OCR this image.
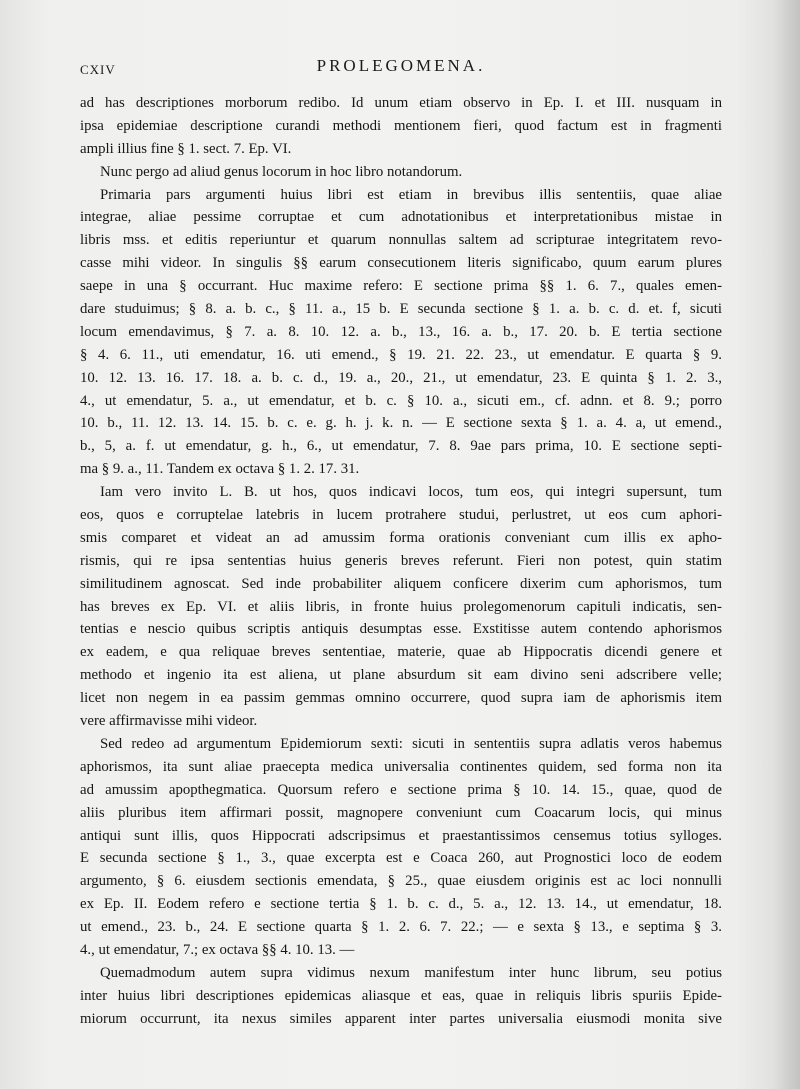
CXIV	PROLEGOMENA.
ad has descriptiones morborum redibo. Id unum etiam observo in Ep. I. et III. nusquam in
ipsa epidemiae descriptione curandi methodi mentionem fieri, quod factum est in fragmenti
ampli illius fine § 1. sect. 7. Ep. VI.
Nunc pergo ad aliud genus locorum in hoc libro notandorum.
Primaria pars argumenti huius libri est etiam in brevibus illis sententiis, quae aliae
integrae, aliae pessime corruptae et cum adnotationibus et interpretationibus mistae in
libris mss. et editis reperiuntur et quarum nonnullas saltem ad scripturae integritatem revo-
casse mihi videor. In singulis §§ earum consecutionem literis significabo, quum earum plures
saepe in una § occurrant. Huc maxime refero: E sectione prima §§ 1. 6. 7., quales emen-
dare studuimus; § 8. a. b. c., § 11. a., 15 b. E secunda sectione § 1. a. b. c. d. et. f, sicuti
locum emendavimus, § 7. a. 8. 10. 12. a. b., 13., 16. a. b., 17. 20. b. E tertia sectione
§ 4. 6. 11., uti emendatur, 16. uti emend., § 19. 21. 22. 23., ut emendatur. E quarta § 9.
10. 12. 13. 16. 17. 18. a. b. c. d., 19. a., 20., 21., ut emendatur, 23. E quinta § 1. 2. 3.,
4., ut emendatur, 5. a., ut emendatur, et b. c. § 10. a., sicuti em., cf. adnn. et 8. 9.; porro
10. b., 11. 12. 13. 14. 15. b. c. e. g. h. j. k. n. — E sectione sexta § 1. a. 4. a, ut emend.,
b., 5, a. f. ut emendatur, g. h., 6., ut emendatur, 7. 8. 9ae pars prima, 10. E sectione septi-
ma § 9. a., 11. Tandem ex octava § 1. 2. 17. 31.
Iam vero invito L. B. ut hos, quos indicavi locos, tum eos, qui integri supersunt, tum
eos, quos e corruptelae latebris in lucem protrahere studui, perlustret, ut eos cum aphori-
smis comparet et videat an ad amussim forma orationis conveniant cum illis ex apho-
rismis, qui re ipsa sententias huius generis breves referunt. Fieri non potest, quin statim
similitudinem agnoscat. Sed inde probabiliter aliquem conficere dixerim cum aphorismos, tum
has breves ex Ep. VI. et aliis libris, in fronte huius prolegomenorum capituli indicatis, sen-
tentias e nescio quibus scriptis antiquis desumptas esse. Exstitisse autem contendo aphorismos
ex eadem, e qua reliquae breves sententiae, materie, quae ab Hippocratis dicendi genere et
methodo et ingenio ita est aliena, ut plane absurdum sit eam divino seni adscribere velle;
licet non negem in ea passim gemmas omnino occurrere, quod supra iam de aphorismis item
vere affirmavisse mihi videor.
Sed redeo ad argumentum Epidemiorum sexti: sicuti in sententiis supra adlatis veros habemus
aphorismos, ita sunt aliae praecepta medica universalia continentes quidem, sed forma non ita
ad amussim apopthegmatica. Quorsum refero e sectione prima § 10. 14. 15., quae, quod de
aliis pluribus item affirmari possit, magnopere conveniunt cum Coacarum locis, qui minus
antiqui sunt illis, quos Hippocrati adscripsimus et praestantissimos censemus totius sylloges.
E secunda sectione § 1., 3., quae excerpta est e Coaca 260, aut Prognostici loco de eodem
argumento, § 6. eiusdem sectionis emendata, § 25., quae eiusdem originis est ac loci nonnulli
ex Ep. II. Eodem refero e sectione tertia § 1. b. c. d., 5. a., 12. 13. 14., ut emendatur, 18.
ut emend., 23. b., 24. E sectione quarta § 1. 2. 6. 7. 22.; — e sexta § 13., e septima § 3.
4., ut emendatur, 7.; ex octava §§ 4. 10. 13. —
Quemadmodum autem supra vidimus nexum manifestum inter hunc librum, seu potius
inter huius libri descriptiones epidemicas aliasque et eas, quae in reliquis libris spuriis Epide-
miorum occurrunt, ita nexus similes apparent inter partes universalia eiusmodi monita sive
